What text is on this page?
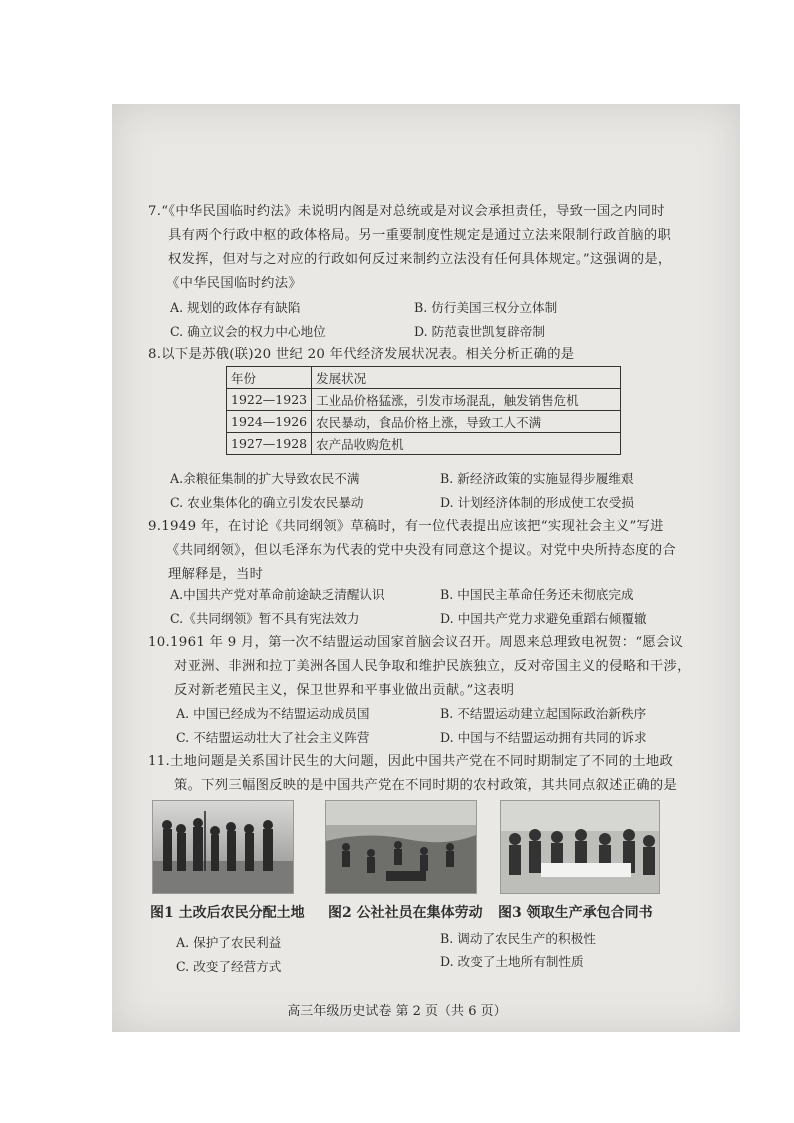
7.“《中华民国临时约法》未说明内阁是对总统或是对议会承担责任，导致一国之内同时
具有两个行政中枢的政体格局。另一重要制度性规定是通过立法来限制行政首脑的职
权发挥，但对与之对应的行政如何反过来制约立法没有任何具体规定。”这强调的是，
《中华民国临时约法》
A. 规划的政体存有缺陷	B. 仿行美国三权分立体制
C. 确立议会的权力中心地位	D. 防范袁世凯复辟帝制
8.以下是苏俄(联)20 世纪 20 年代经济发展状况表。相关分析正确的是
年份	发展状况
1922—1923	工业品价格猛涨，引发市场混乱，触发销售危机
1924—1926	农民暴动，食品价格上涨，导致工人不满
1927—1928	农产品收购危机
A.余粮征集制的扩大导致农民不满	B. 新经济政策的实施显得步履维艰
C. 农业集体化的确立引发农民暴动	D. 计划经济体制的形成使工农受损
9.1949 年，在讨论《共同纲领》草稿时，有一位代表提出应该把“实现社会主义”写进
《共同纲领》，但以毛泽东为代表的党中央没有同意这个提议。对党中央所持态度的合
理解释是，当时
A.中国共产党对革命前途缺乏清醒认识	B. 中国民主革命任务还未彻底完成
C.《共同纲领》暂不具有宪法效力	D. 中国共产党力求避免重蹈右倾覆辙
10.1961 年 9 月，第一次不结盟运动国家首脑会议召开。周恩来总理致电祝贺：“愿会议
对亚洲、非洲和拉丁美洲各国人民争取和维护民族独立，反对帝国主义的侵略和干涉，
反对新老殖民主义，保卫世界和平事业做出贡献。”这表明
A. 中国已经成为不结盟运动成员国	B. 不结盟运动建立起国际政治新秩序
C. 不结盟运动壮大了社会主义阵营	D. 中国与不结盟运动拥有共同的诉求
11.土地问题是关系国计民生的大问题，因此中国共产党在不同时期制定了不同的土地政
策。下列三幅图反映的是中国共产党在不同时期的农村政策，其共同点叙述正确的是
图1 土改后农民分配土地 图2 公社社员在集体劳动 图3 领取生产承包合同书
A. 保护了农民利益	B. 调动了农民生产的积极性
C. 改变了经营方式	D. 改变了土地所有制性质
高三年级历史试卷 第 2 页（共 6 页）
